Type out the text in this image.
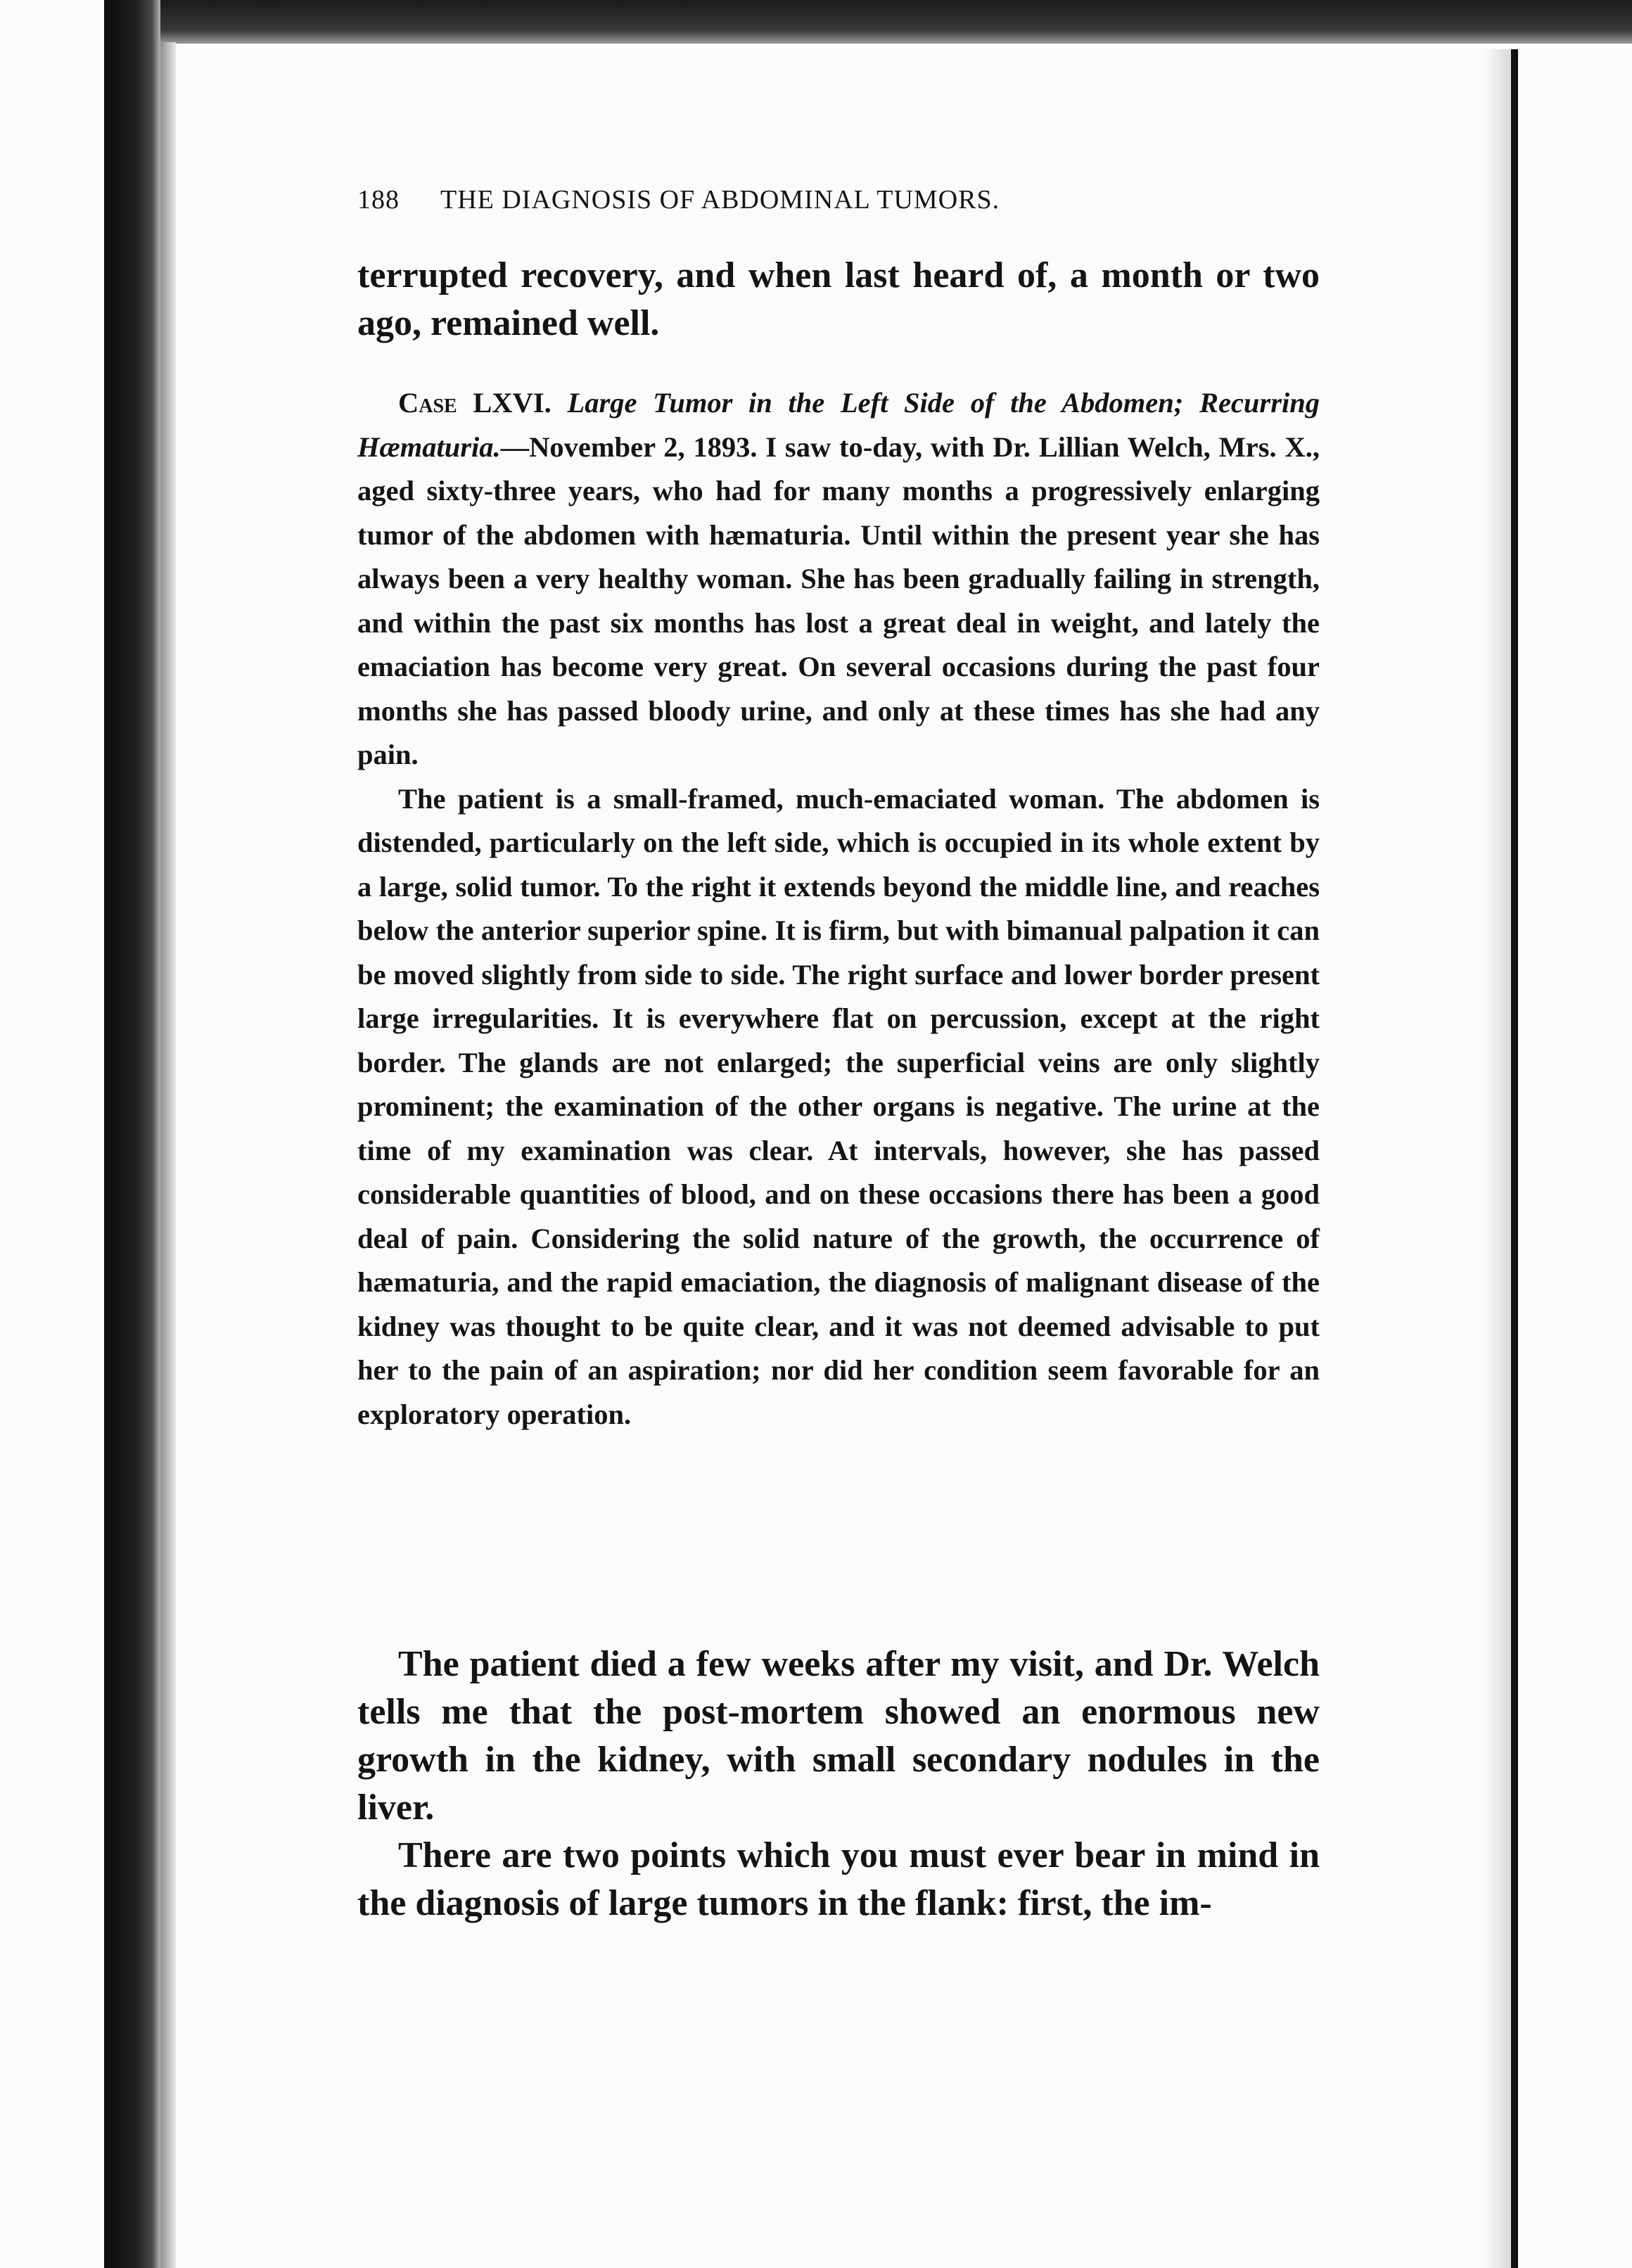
188 THE DIAGNOSIS OF ABDOMINAL TUMORS.

terrupted recovery, and when last heard of, a month or two ago, remained well.

Case LXVI. Large Tumor in the Left Side of the Abdomen; Recurring Hæmaturia.—November 2, 1893. I saw to-day, with Dr. Lillian Welch, Mrs. X., aged sixty-three years, who had for many months a progressively enlarging tumor of the abdomen with hæmaturia. Until within the present year she has always been a very healthy woman. She has been gradually failing in strength, and within the past six months has lost a great deal in weight, and lately the emaciation has become very great. On several occasions during the past four months she has passed bloody urine, and only at these times has she had any pain.

The patient is a small-framed, much-emaciated woman. The abdomen is distended, particularly on the left side, which is occupied in its whole extent by a large, solid tumor. To the right it extends beyond the middle line, and reaches below the anterior superior spine. It is firm, but with bimanual palpation it can be moved slightly from side to side. The right surface and lower border present large irregularities. It is everywhere flat on percussion, except at the right border. The glands are not enlarged; the superficial veins are only slightly prominent; the examination of the other organs is negative. The urine at the time of my examination was clear. At intervals, however, she has passed considerable quantities of blood, and on these occasions there has been a good deal of pain. Considering the solid nature of the growth, the occurrence of hæmaturia, and the rapid emaciation, the diagnosis of malignant disease of the kidney was thought to be quite clear, and it was not deemed advisable to put her to the pain of an aspiration; nor did her condition seem favorable for an exploratory operation.

The patient died a few weeks after my visit, and Dr. Welch tells me that the post-mortem showed an enormous new growth in the kidney, with small secondary nodules in the liver.

There are two points which you must ever bear in mind in the diagnosis of large tumors in the flank: first, the im-
